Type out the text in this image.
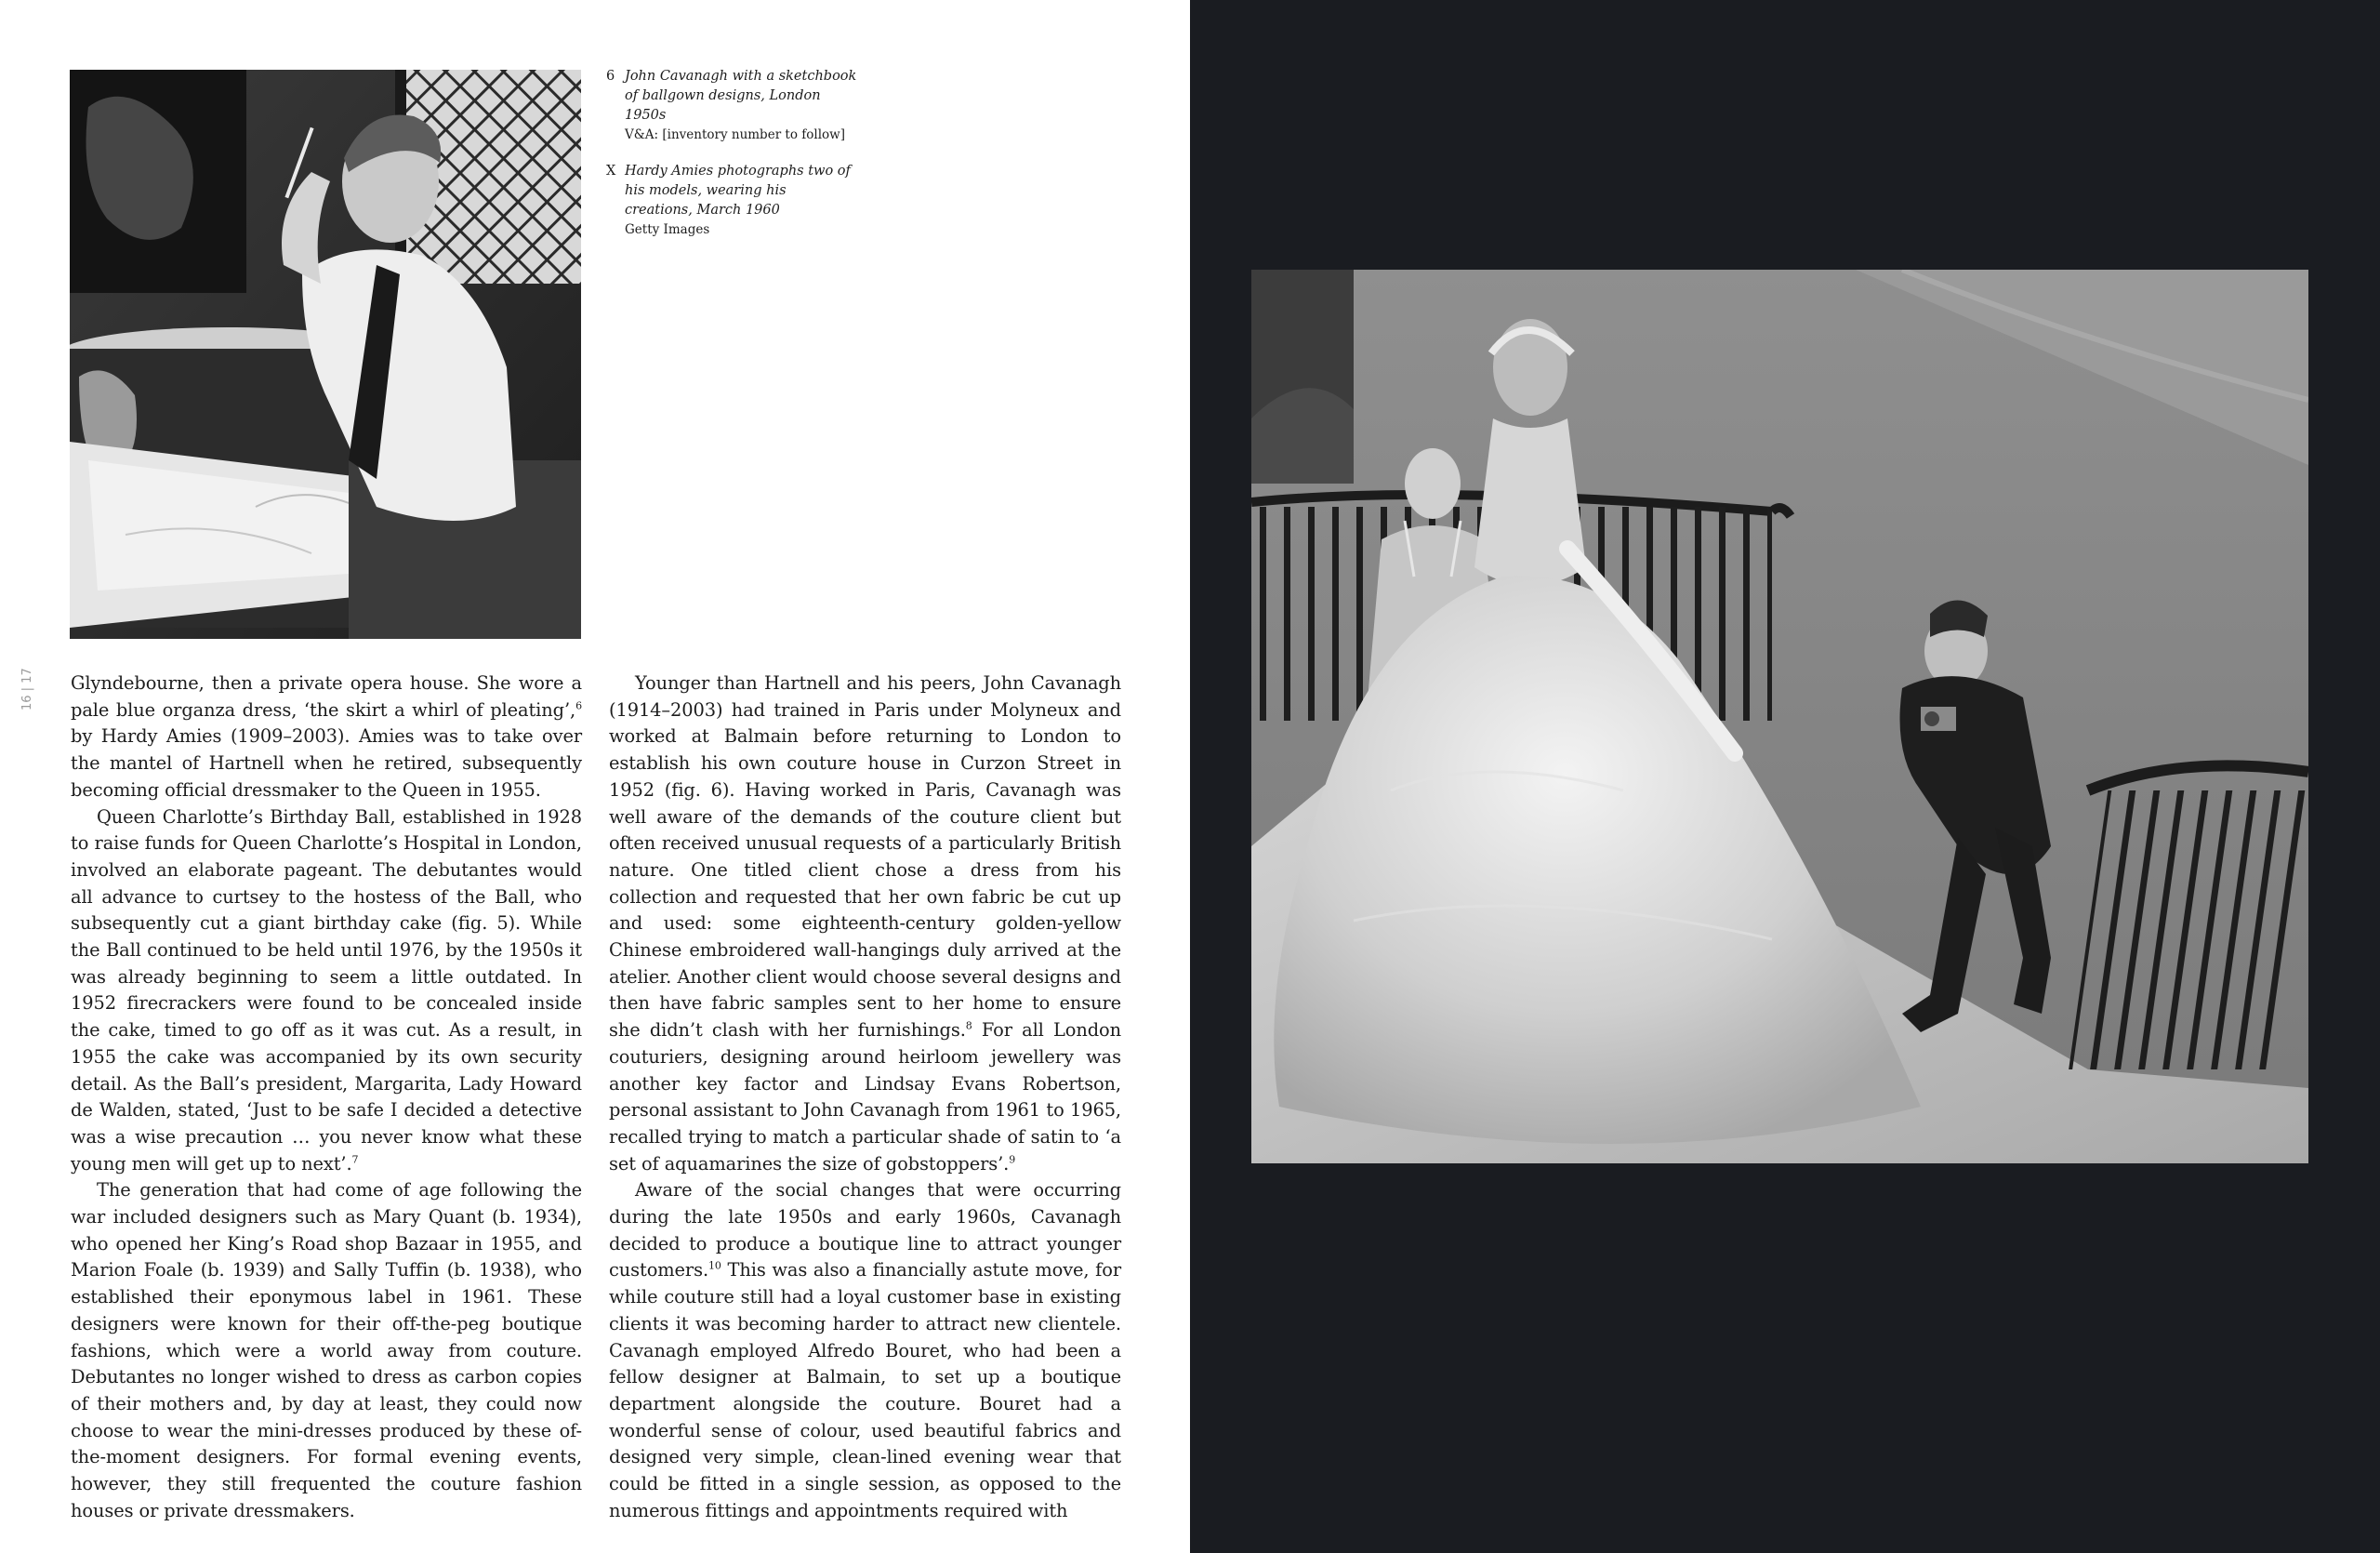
6 John Cavanagh with a sketchbook of ballgown designs, London 1950s
V&A: [inventory number to follow]
X Hardy Amies photographs two of his models, wearing his creations, March 1960
Getty Images
16 | 17 Glyndebourne, then a private opera house. She wore a pale blue organza dress, ‘the skirt a whirl of pleating’,$^6$ by Hardy Amies (1909–2003). Amies was to take over the mantel of Hartnell when he retired, subsequently becoming official dressmaker to the Queen in 1955.

Queen Charlotte’s Birthday Ball, established in 1928 to raise funds for Queen Charlotte’s Hospital in London, involved an elaborate pageant. The debutantes would all advance to curtsey to the hostess of the Ball, who subsequently cut a giant birthday cake (fig. 5). While the Ball continued to be held until 1976, by the 1950s it was already beginning to seem a little outdated. In 1952 firecrackers were found to be concealed inside the cake, timed to go off as it was cut. As a result, in 1955 the cake was accompanied by its own security detail. As the Ball’s president, Margarita, Lady Howard de Walden, stated, ‘Just to be safe I decided a detective was a wise precaution … you never know what these young men will get up to next’.$^7$

The generation that had come of age following the war included designers such as Mary Quant (b. 1934), who opened her King’s Road shop Bazaar in 1955, and Marion Foale (b. 1939) and Sally Tuffin (b. 1938), who established their eponymous label in 1961. These designers were known for their off-the-peg boutique fashions, which were a world away from couture. Debutantes no longer wished to dress as carbon copies of their mothers and, by day at least, they could now choose to wear the mini-dresses produced by these of-the-moment designers. For formal evening events, however, they still frequented the couture fashion houses or private dressmakers.

Younger than Hartnell and his peers, John Cavanagh (1914–2003) had trained in Paris under Molyneux and worked at Balmain before returning to London to establish his own couture house in Curzon Street in 1952 (fig. 6). Having worked in Paris, Cavanagh was well aware of the demands of the couture client but often received unusual requests of a particularly British nature. One titled client chose a dress from his collection and requested that her own fabric be cut up and used: some eighteenth-century golden-yellow Chinese embroidered wall-hangings duly arrived at the atelier. Another client would choose several designs and then have fabric samples sent to her home to ensure she didn’t clash with her furnishings.$^8$ For all London couturiers, designing around heirloom jewellery was another key factor and Lindsay Evans Robertson, personal assistant to John Cavanagh from 1961 to 1965, recalled trying to match a particular shade of satin to ‘a set of aquamarines the size of gobstoppers’.$^9$

Aware of the social changes that were occurring during the late 1950s and early 1960s, Cavanagh decided to produce a boutique line to attract younger customers.$^{10}$ This was also a financially astute move, for while couture still had a loyal customer base in existing clients it was becoming harder to attract new clientele. Cavanagh employed Alfredo Bouret, who had been a fellow designer at Balmain, to set up a boutique department alongside the couture. Bouret had a wonderful sense of colour, used beautiful fabrics and designed very simple, clean-lined evening wear that could be fitted in a single session, as opposed to the numerous fittings and appointments required with
